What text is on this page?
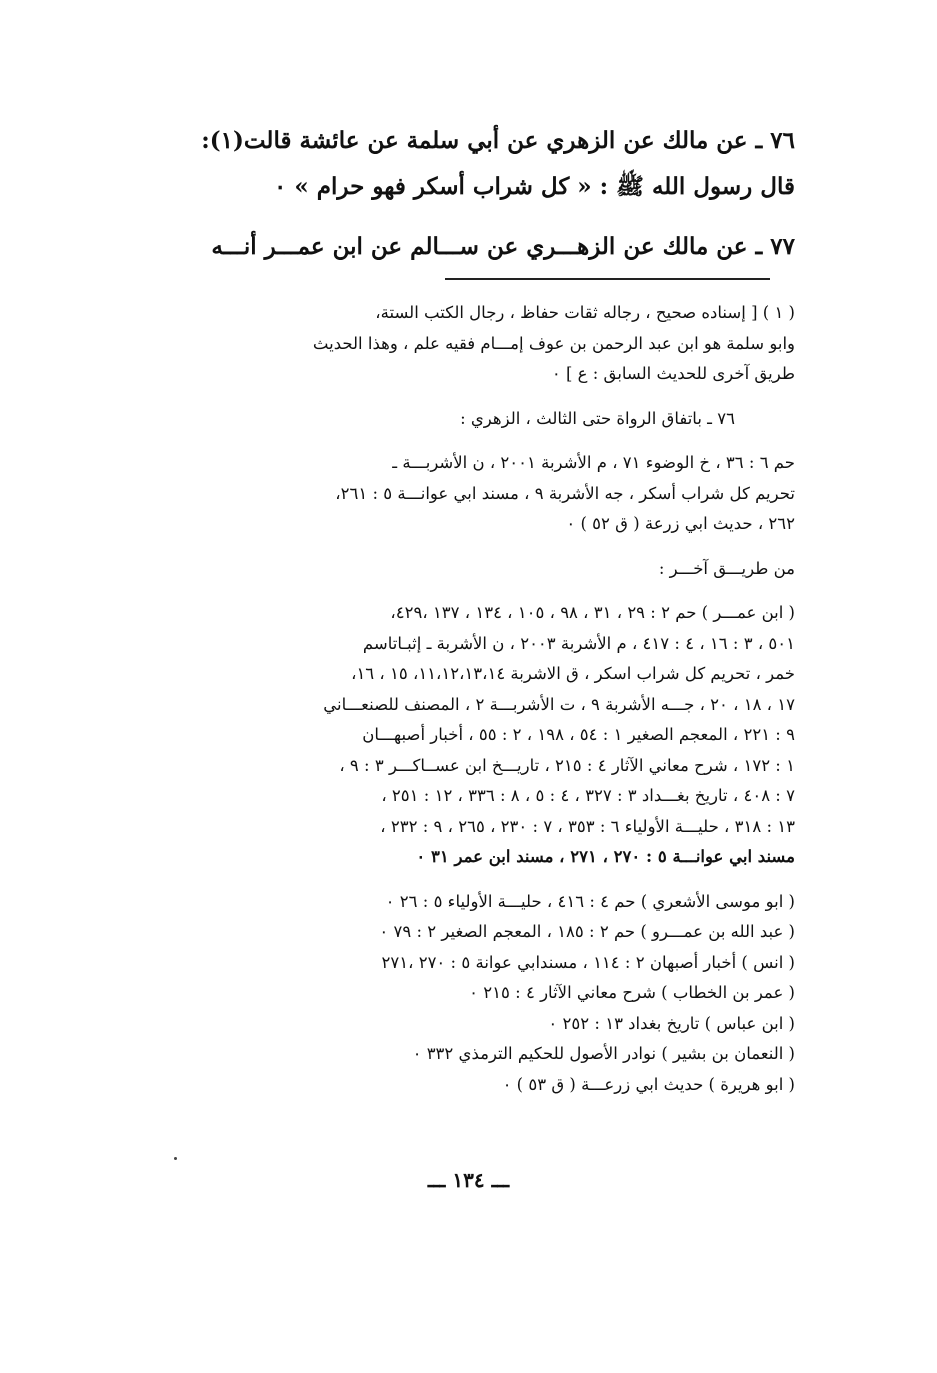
٧٦ً ـ عن مالك عن الزهري عن أبي سلمة عن عائشة قالت(١):
قال رسول الله ﷺ : « كل شراب أسكر فهو حرام » ٠
٧٧ً ـ عن مالك عن الزهـــري عن ســـالم عن ابن عمـــر أنـــه
( ١ ) [ إسناده صحيح ، رجاله ثقات حفاظ ، رجال الكتب الستة،
وابو سلمة هو ابن عبد الرحمن بن عوف إمـــام فقيه علم ، وهذا الحديث
طريق آخرى للحديث السابق : ع ] ٠
٧٦ً ـ باتفاق الرواة حتى الثالث ، الزهري :
حم ٦ : ٣٦ ، خ الوضوء ٧١ ، م الأشربة ٢٠٠١ ، ن الأشربـــة ـ
تحريم كل شراب أسكر ، جه الأشربة ٩ ، مسند ابي عوانـــة ٥ : ٢٦١،
٢٦٢ ، حديث ابي زرعة ( ق ٥٢ ) ٠
من طريـــق آخـــر :
( ابن عمـــر ) حم ٢ : ٢٩ ، ٣١ ، ٩٨ ، ١٠٥ ، ١٣٤ ، ١٣٧ ،٤٢٩،
٥٠١ ، ٣ : ١٦ ، ٤ : ٤١٧ ، م الأشربة ٢٠٠٣ ، ن الأشربة ـ إثبـاتاسم
خمر ، تحريم كل شراب اسكر ، ق الاشربة ١١،١٢،١٣،١٤، ١٥ ، ١٦،
١٧ ، ١٨ ، ٢٠ ، جـــه الأشربة ٩ ، ت الأشربـــة ٢ ، المصنف للصنعـــاني
٩ : ٢٢١ ، المعجم الصغير ١ : ٥٤ ، ١٩٨ ، ٢ : ٥٥ ، أخبار أصبهـــان
١ : ١٧٢ ، شرح معاني الآثار ٤ : ٢١٥ ، تاريـــخ ابن عســاكـــر ٣ : ٩ ،
٧ : ٤٠٨ ، تاريخ بغـــداد ٣ : ٣٢٧ ، ٤ : ٥ ، ٨ : ٣٣٦ ، ١٢ : ٢٥١ ،
١٣ : ٣١٨ ، حليـــة الأولياء ٦ : ٣٥٣ ، ٧ : ٢٣٠ ، ٢٦٥ ، ٩ : ٢٣٢ ،
مسند ابي عوانـــة ٥ : ٢٧٠ ، ٢٧١ ، مسند ابن عمر ٣١ ٠
( ابو موسى الأشعري ) حم ٤ : ٤١٦ ، حليـــة الأولياء ٥ : ٢٦ ٠
( عبد الله بن عمـــرو ) حم ٢ : ١٨٥ ، المعجم الصغير ٢ : ٧٩ ٠
( انس ) أخبار أصبهان ٢ : ١١٤ ، مسندابي عوانة ٥ : ٢٧٠ ،٢٧١
( عمر بن الخطاب ) شرح معاني الآثار ٤ : ٢١٥ ٠
( ابن عباس ) تاريخ بغداد ١٣ : ٢٥٢ ٠
( النعمان بن بشير ) نوادر الأصول للحكيم الترمذي ٣٣٢ ٠
( ابو هريرة ) حديث ابي زرعـــة ( ق ٥٣ ) ٠
ـــ ١٣٤ ـــ
